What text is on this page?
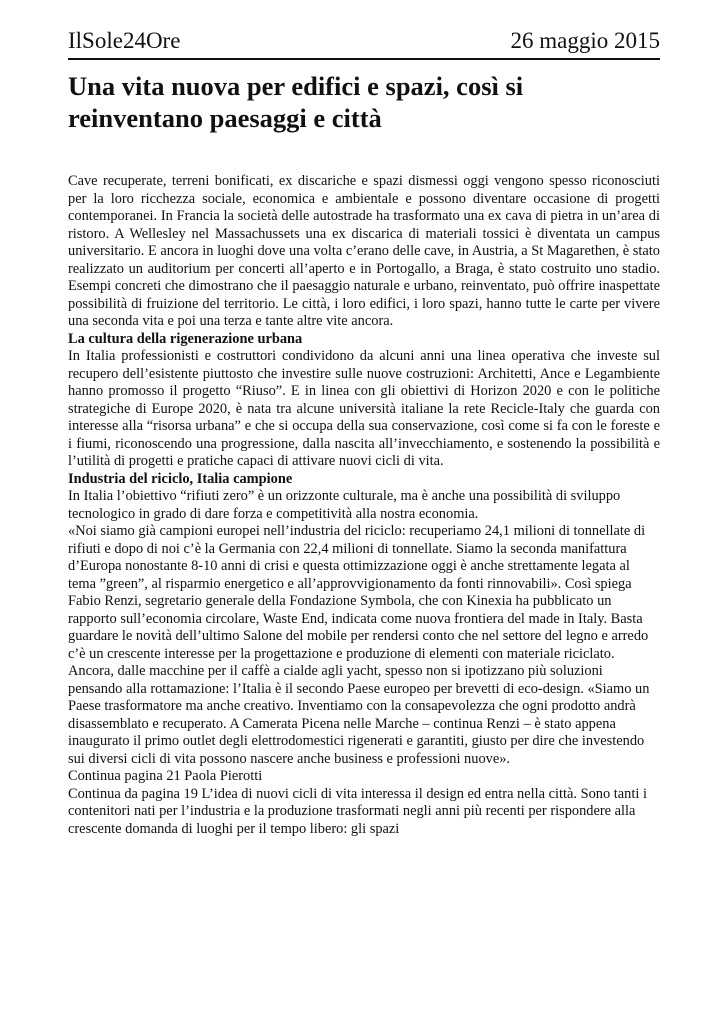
IlSole24Ore	26 maggio 2015
Una vita nuova per edifici e spazi, così si reinventano paesaggi e città

Cave recuperate, terreni bonificati, ex discariche e spazi dismessi oggi vengono spesso riconosciuti per la loro ricchezza sociale, economica e ambientale e possono diventare occasione di progetti contemporanei. In Francia la società delle autostrade ha trasformato una ex cava di pietra in un’area di ristoro. A Wellesley nel Massachussets una ex discarica di materiali tossici è diventata un campus universitario. E ancora in luoghi dove una volta c’erano delle cave, in Austria, a St Magarethen, è stato realizzato un auditorium per concerti all’aperto e in Portogallo, a Braga, è stato costruito uno stadio. Esempi concreti che dimostrano che il paesaggio naturale e urbano, reinventato, può offrire inaspettate possibilità di fruizione del territorio. Le città, i loro edifici, i loro spazi, hanno tutte le carte per vivere una seconda vita e poi una terza e tante altre vite ancora.

La cultura della rigenerazione urbana

In Italia professionisti e costruttori condividono da alcuni anni una linea operativa che investe sul recupero dell’esistente piuttosto che investire sulle nuove costruzioni: Architetti, Ance e Legambiente hanno promosso il progetto “Riuso”. E in linea con gli obiettivi di Horizon 2020 e con le politiche strategiche di Europe 2020, è nata tra alcune università italiane la rete Recicle-Italy che guarda con interesse alla “risorsa urbana” e che si occupa della sua conservazione, così come si fa con le foreste e i fiumi, riconoscendo una progressione, dalla nascita all’invecchiamento, e sostenendo la possibilità e l’utilità di progetti e pratiche capaci di attivare nuovi cicli di vita.

Industria del riciclo, Italia campione

In Italia l’obiettivo “rifiuti zero” è un orizzonte culturale, ma è anche una possibilità di sviluppo tecnologico in grado di dare forza e competitività alla nostra economia.

«Noi siamo già campioni europei nell’industria del riciclo: recuperiamo 24,1 milioni di tonnellate di rifiuti e dopo di noi c’è la Germania con 22,4 milioni di tonnellate. Siamo la seconda manifattura d’Europa nonostante 8-10 anni di crisi e questa ottimizzazione oggi è anche strettamente legata al tema ”green”, al risparmio energetico e all’approvvigionamento da fonti rinnovabili». Così spiega Fabio Renzi, segretario generale della Fondazione Symbola, che con Kinexia ha pubblicato un rapporto sull’economia circolare, Waste End, indicata come nuova frontiera del made in Italy. Basta guardare le novità dell’ultimo Salone del mobile per rendersi conto che nel settore del legno e arredo c’è un crescente interesse per la progettazione e produzione di elementi con materiale riciclato. Ancora, dalle macchine per il caffè a cialde agli yacht, spesso non si ipotizzano più soluzioni pensando alla rottamazione: l’Italia è il secondo Paese europeo per brevetti di eco-design. «Siamo un Paese trasformatore ma anche creativo. Inventiamo con la consapevolezza che ogni prodotto andrà disassemblato e recuperato. A Camerata Picena nelle Marche – continua Renzi – è stato appena inaugurato il primo outlet degli elettrodomestici rigenerati e garantiti, giusto per dire che investendo sui diversi cicli di vita possono nascere anche business e professioni nuove».

Continua pagina 21 Paola Pierotti

Continua da pagina 19 L’idea di nuovi cicli di vita interessa il design ed entra nella città. Sono tanti i contenitori nati per l’industria e la produzione trasformati negli anni più recenti per rispondere alla crescente domanda di luoghi per il tempo libero: gli spazi
